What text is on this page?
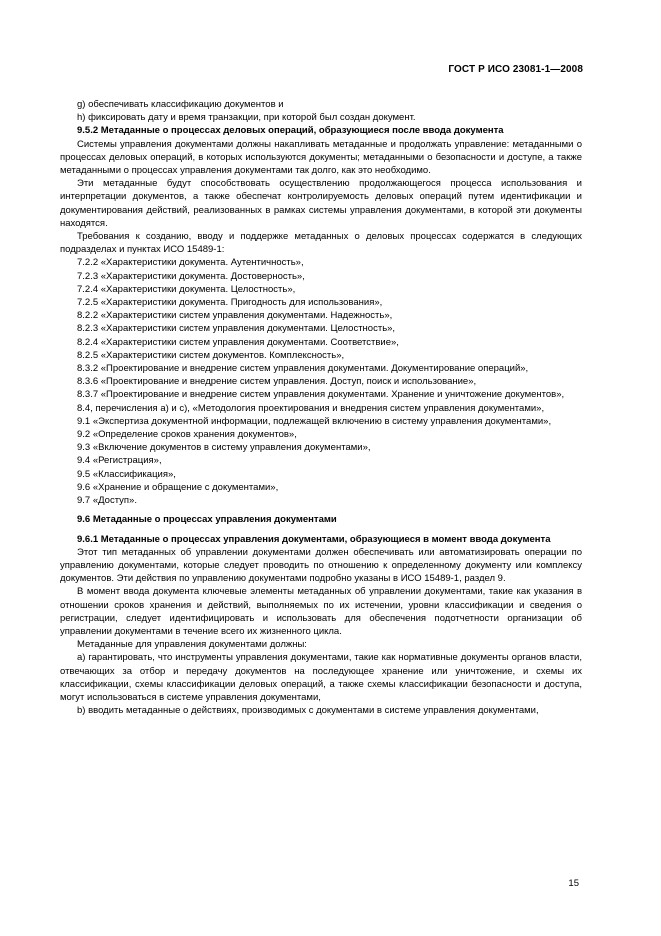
ГОСТ Р ИСО 23081-1—2008

g) обеспечивать классификацию документов и

h) фиксировать дату и время транзакции, при которой был создан документ.

9.5.2 Метаданные о процессах деловых операций, образующиеся после ввода документа

Системы управления документами должны накапливать метаданные и продолжать управление: метаданными о процессах деловых операций, в которых используются документы; метаданными о безопасности и доступе, а также метаданными о процессах управления документами так долго, как это необходимо.

Эти метаданные будут способствовать осуществлению продолжающегося процесса использования и интерпретации документов, а также обеспечат контролируемость деловых операций путем идентификации и документирования действий, реализованных в рамках системы управления документами, в которой эти документы находятся.

Требования к созданию, вводу и поддержке метаданных о деловых процессах содержатся в следующих подразделах и пунктах ИСО 15489-1:

7.2.2 «Характеристики документа. Аутентичность»,

7.2.3 «Характеристики документа. Достоверность»,

7.2.4 «Характеристики документа. Целостность»,

7.2.5 «Характеристики документа. Пригодность для использования»,

8.2.2 «Характеристики систем управления документами. Надежность»,

8.2.3 «Характеристики систем управления документами. Целостность»,

8.2.4 «Характеристики систем управления документами. Соответствие»,

8.2.5 «Характеристики систем документов. Комплексность»,

8.3.2 «Проектирование и внедрение систем управления документами. Документирование операций»,

8.3.6 «Проектирование и внедрение систем управления. Доступ, поиск и использование»,

8.3.7 «Проектирование и внедрение систем управления документами. Хранение и уничтожение документов»,

8.4, перечисления a) и c), «Методология проектирования и внедрения систем управления документами»,

9.1 «Экспертиза документной информации, подлежащей включению в систему управления документами»,

9.2 «Определение сроков хранения документов»,

9.3 «Включение документов в систему управления документами»,

9.4 «Регистрация»,

9.5 «Классификация»,

9.6 «Хранение и обращение с документами»,

9.7 «Доступ».

9.6 Метаданные о процессах управления документами

9.6.1 Метаданные о процессах управления документами, образующиеся в момент ввода документа

Этот тип метаданных об управлении документами должен обеспечивать или автоматизировать операции по управлению документами, которые следует проводить по отношению к определенному документу или комплексу документов. Эти действия по управлению документами подробно указаны в ИСО 15489-1, раздел 9.

В момент ввода документа ключевые элементы метаданных об управлении документами, такие как указания в отношении сроков хранения и действий, выполняемых по их истечении, уровни классификации и сведения о регистрации, следует идентифицировать и использовать для обеспечения подотчетности организации об управлении документами в течение всего их жизненного цикла.

Метаданные для управления документами должны:

a) гарантировать, что инструменты управления документами, такие как нормативные документы органов власти, отвечающих за отбор и передачу документов на последующее хранение или уничтожение, и схемы их классификации, схемы классификации деловых операций, а также схемы классификации безопасности и доступа, могут использоваться в системе управления документами,

b) вводить метаданные о действиях, производимых с документами в системе управления документами,

15
